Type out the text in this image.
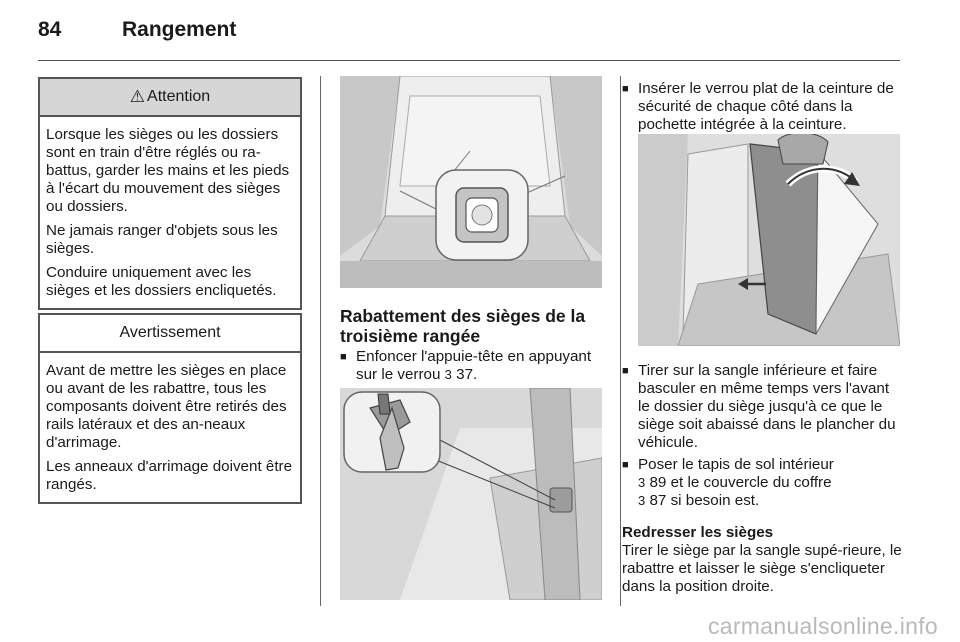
84	Rangement
⚠ Attention

Lorsque les sièges ou les dossiers sont en train d'être réglés ou ra-battus, garder les mains et les pieds à l'écart du mouvement des sièges ou dossiers.

Ne jamais ranger d'objets sous les sièges.

Conduire uniquement avec les sièges et les dossiers encliquetés.

Avertissement

Avant de mettre les sièges en place ou avant de les rabattre, tous les composants doivent être retirés des rails latéraux et des an-neaux d'arrimage.

Les anneaux d'arrimage doivent être rangés.

Rabattement des sièges de la troisième rangée
■ Enfoncer l'appuie-tête en appuyant sur le verrou 3 37.
■ Insérer le verrou plat de la ceinture de sécurité de chaque côté dans la pochette intégrée à la ceinture.
■ Tirer sur la sangle inférieure et faire basculer en même temps vers l'avant le dossier du siège jusqu'à ce que le siège soit abaissé dans le plancher du véhicule.
■ Poser le tapis de sol intérieur
3 89 et le couvercle du coffre
3 87 si besoin est.
Redresser les sièges
Tirer le siège par la sangle supé-rieure, le rabattre et laisser le siège s'encliqueter dans la position droite.
carmanualsonline.info
